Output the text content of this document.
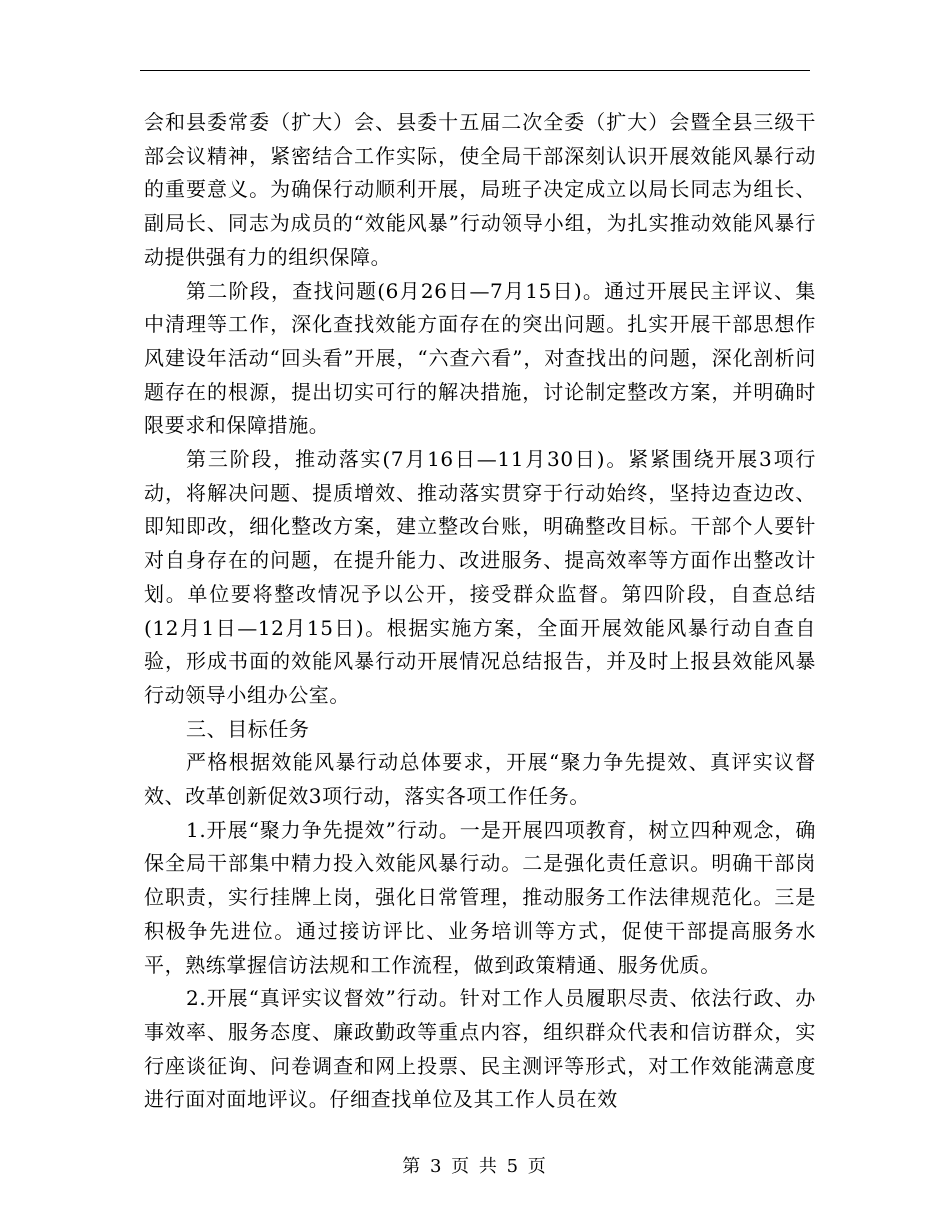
会和县委常委（扩大）会、县委十五届二次全委（扩大）会暨全县三级干部会议精神，紧密结合工作实际，使全局干部深刻认识开展效能风暴行动的重要意义。为确保行动顺利开展，局班子决定成立以局长同志为组长、副局长、同志为成员的“效能风暴”行动领导小组，为扎实推动效能风暴行动提供强有力的组织保障。

第二阶段，查找问题(6月26日—7月15日)。通过开展民主评议、集中清理等工作，深化查找效能方面存在的突出问题。扎实开展干部思想作风建设年活动“回头看”开展，“六查六看”，对查找出的问题，深化剖析问题存在的根源，提出切实可行的解决措施，讨论制定整改方案，并明确时限要求和保障措施。

第三阶段，推动落实(7月16日—11月30日)。紧紧围绕开展3项行动，将解决问题、提质增效、推动落实贯穿于行动始终，坚持边查边改、即知即改，细化整改方案，建立整改台账，明确整改目标。干部个人要针对自身存在的问题，在提升能力、改进服务、提高效率等方面作出整改计划。单位要将整改情况予以公开，接受群众监督。第四阶段，自查总结(12月1日—12月15日)。根据实施方案，全面开展效能风暴行动自查自验，形成书面的效能风暴行动开展情况总结报告，并及时上报县效能风暴行动领导小组办公室。

三、目标任务

严格根据效能风暴行动总体要求，开展“聚力争先提效、真评实议督效、改革创新促效3项行动，落实各项工作任务。

1.开展“聚力争先提效”行动。一是开展四项教育，树立四种观念，确保全局干部集中精力投入效能风暴行动。二是强化责任意识。明确干部岗位职责，实行挂牌上岗，强化日常管理，推动服务工作法律规范化。三是积极争先进位。通过接访评比、业务培训等方式，促使干部提高服务水平，熟练掌握信访法规和工作流程，做到政策精通、服务优质。

2.开展“真评实议督效”行动。针对工作人员履职尽责、依法行政、办事效率、服务态度、廉政勤政等重点内容，组织群众代表和信访群众，实行座谈征询、问卷调查和网上投票、民主测评等形式，对工作效能满意度进行面对面地评议。仔细查找单位及其工作人员在效

第 3 页 共 5 页
